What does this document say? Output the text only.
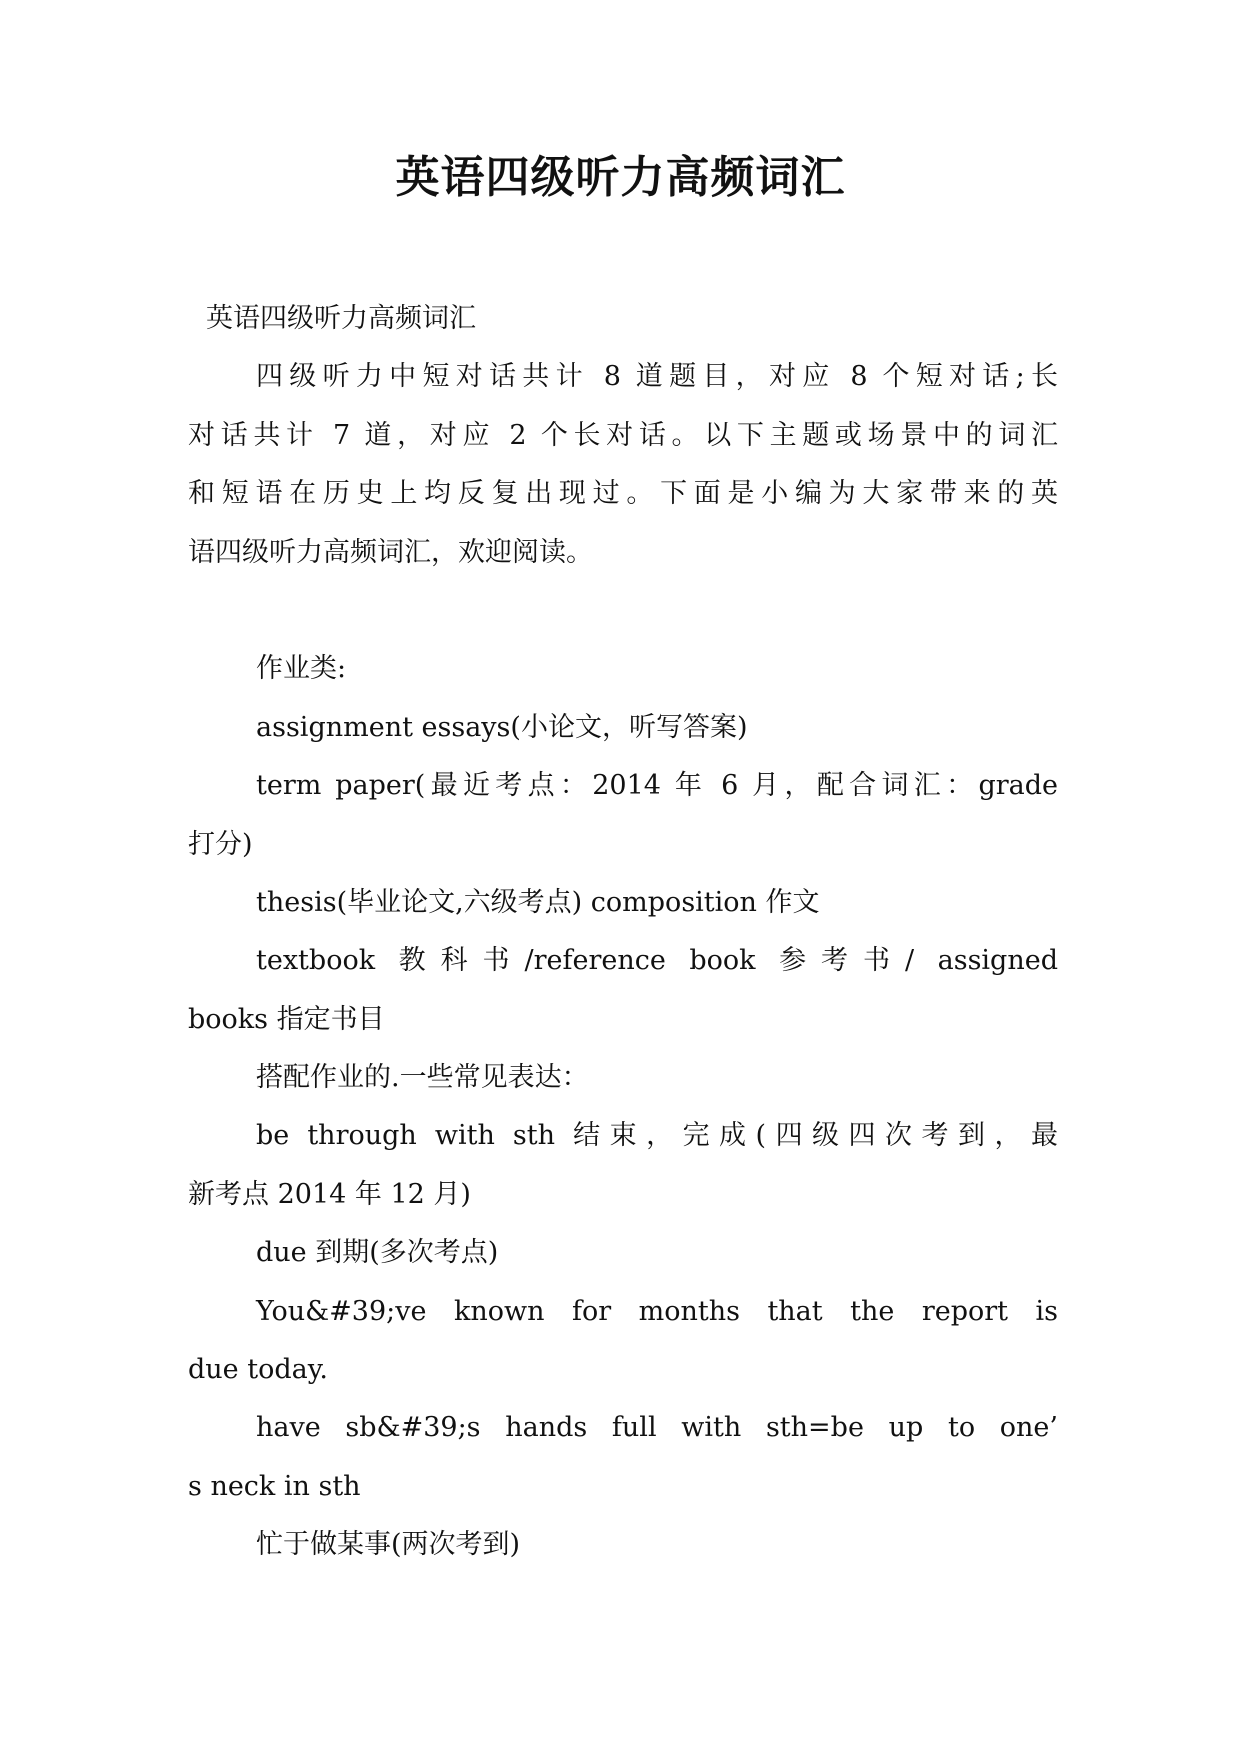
英语四级听力高频词汇

英语四级听力高频词汇

四级听力中短对话共计 8 道题目，对应 8 个短对话;长

对话共计 7 道，对应 2 个长对话。以下主题或场景中的词汇

和短语在历史上均反复出现过。下面是小编为大家带来的英

语四级听力高频词汇，欢迎阅读。

作业类:

assignment essays(小论文，听写答案)

term paper(最近考点：2014 年 6 月，配合词汇：grade

打分)

thesis(毕业论文,六级考点) composition 作文

textbook 教科书/reference book 参考书/ assigned

books 指定书目

搭配作业的.一些常见表达：

be through with sth 结束，完成(四级四次考到，最

新考点 2014 年 12 月)

due 到期(多次考点)

You&#39;ve known for months that the report is

due today.

have sb&#39;s hands full with sth=be up to one’

s neck in sth

忙于做某事(两次考到)
